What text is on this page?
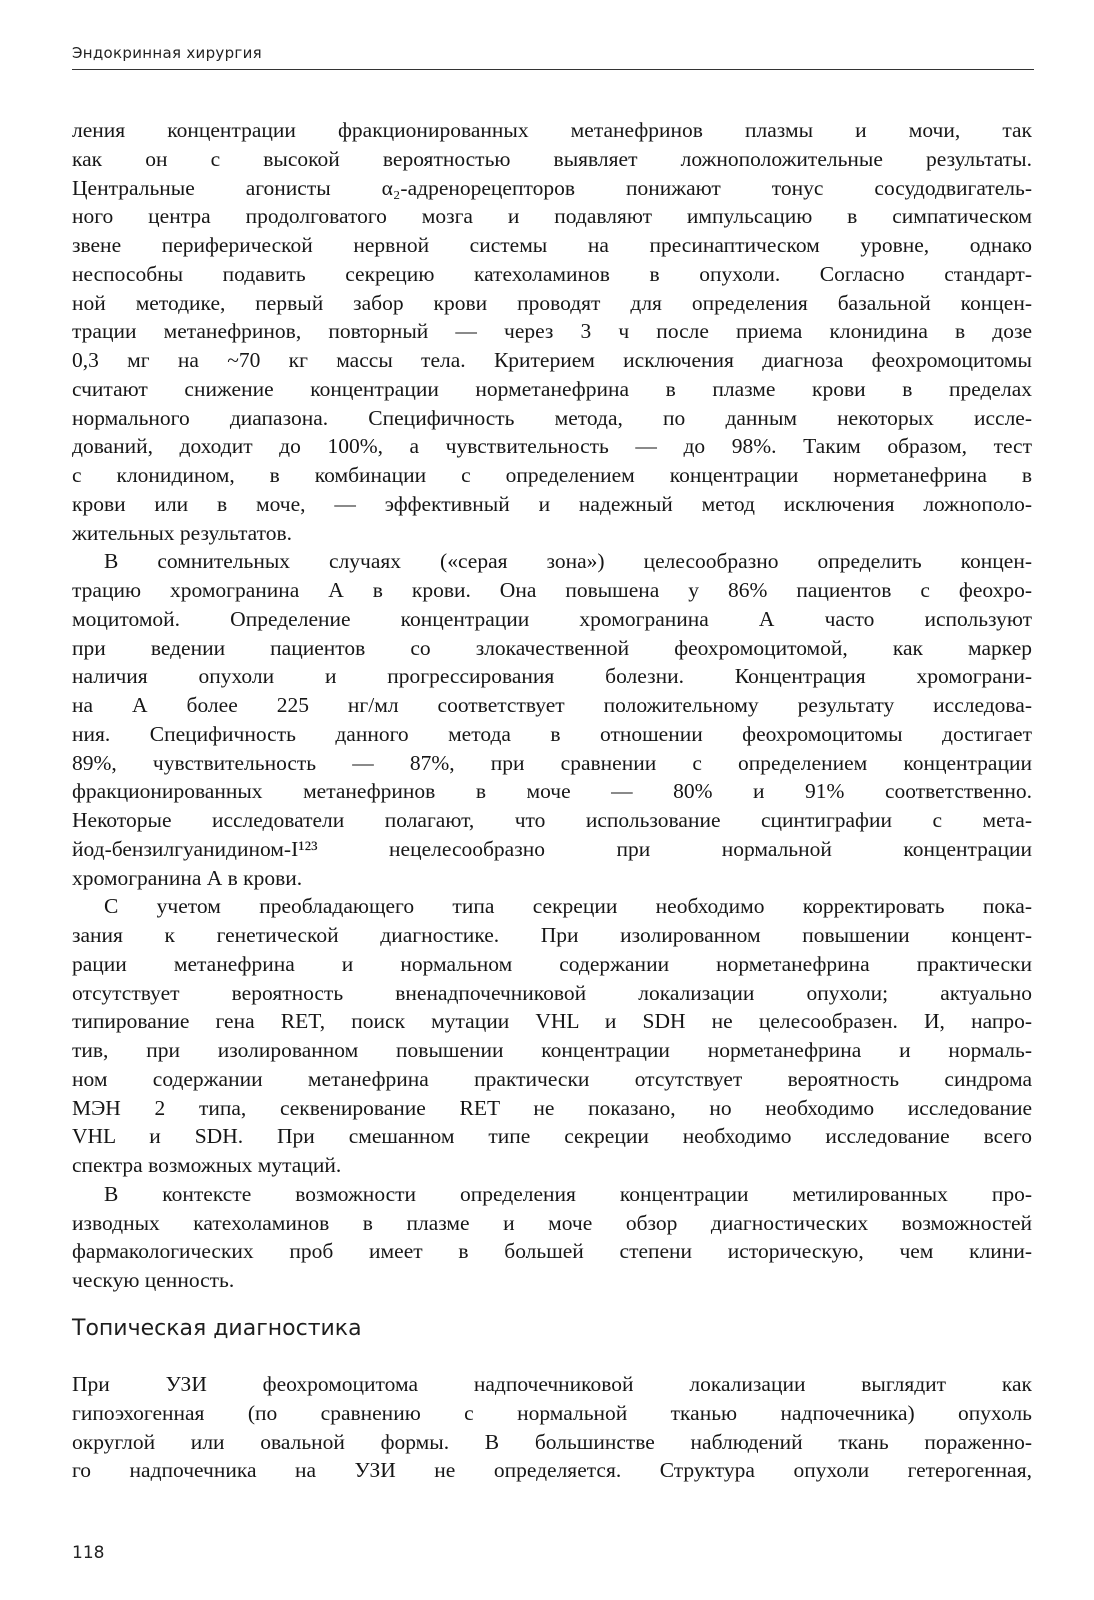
Эндокринная хирургия
ления концентрации фракционированных метанефринов плазмы и мочи, так
как он с высокой вероятностью выявляет ложноположительные результаты.
Центральные агонисты α₂-адренорецепторов понижают тонус сосудодвигатель-
ного центра продолговатого мозга и подавляют импульсацию в симпатическом
звене периферической нервной системы на пресинаптическом уровне, однако
неспособны подавить секрецию катехоламинов в опухоли. Согласно стандарт-
ной методике, первый забор крови проводят для определения базальной концен-
трации метанефринов, повторный — через 3 ч после приема клонидина в дозе
0,3 мг на ~70 кг массы тела. Критерием исключения диагноза феохромоцитомы
считают снижение концентрации норметанефрина в плазме крови в пределах
нормального диапазона. Специфичность метода, по данным некоторых иссле-
дований, доходит до 100%, а чувствительность — до 98%. Таким образом, тест
с клонидином, в комбинации с определением концентрации норметанефрина в
крови или в моче, — эффективный и надежный метод исключения ложнополо-
жительных результатов.
В сомнительных случаях («серая зона») целесообразно определить концен-
трацию хромогранина А в крови. Она повышена у 86% пациентов с феохро-
моцитомой. Определение концентрации хромогранина А часто используют
при ведении пациентов со злокачественной феохромоцитомой, как маркер
наличия опухоли и прогрессирования болезни. Концентрация хромогрaни-
на А более 225 нг/мл соответствует положительному результату исследова-
ния. Специфичность данного метода в отношении феохромоцитомы достигает
89%, чувствительность — 87%, при сравнении с определением концентрации
фракционированных метанефринов в моче — 80% и 91% соответственно.
Некоторые исследователи полагают, что использование сцинтиграфии с мета-
йод-бензилгуанидином-I¹²³ нецелесообразно при нормальной концентрации
хромогранина А в крови.
С учетом преобладающего типа секреции необходимо корректировать пока-
зания к генетической диагностике. При изолированном повышении концент-
рации метанефрина и нормальном содержании норметанефрина практически
отсутствует вероятность вненадпочечниковой локализации опухоли; актуально
типирование гена RET, поиск мутации VHL и SDH не целесообразен. И, напро-
тив, при изолированном повышении концентрации норметанефрина и нормаль-
ном содержании метанефрина практически отсутствует вероятность синдрома
МЭН 2 типа, секвенирование RET не показано, но необходимо исследование
VHL и SDH. При смешанном типе секреции необходимо исследование всего
спектра возможных мутаций.
В контексте возможности определения концентрации метилированных про-
изводных катехоламинов в плазме и моче обзор диагностических возможностей
фармакологических проб имеет в большей степени историческую, чем клини-
ческую ценность.
Топическая диагностика
При УЗИ феохромоцитома надпочечниковой локализации выглядит как
гипоэхогенная (по сравнению с нормальной тканью надпочечника) опухоль
округлой или овальной формы. В большинстве наблюдений ткань пораженно-
го надпочечника на УЗИ не определяется. Структура опухоли гетерогенная,
118
